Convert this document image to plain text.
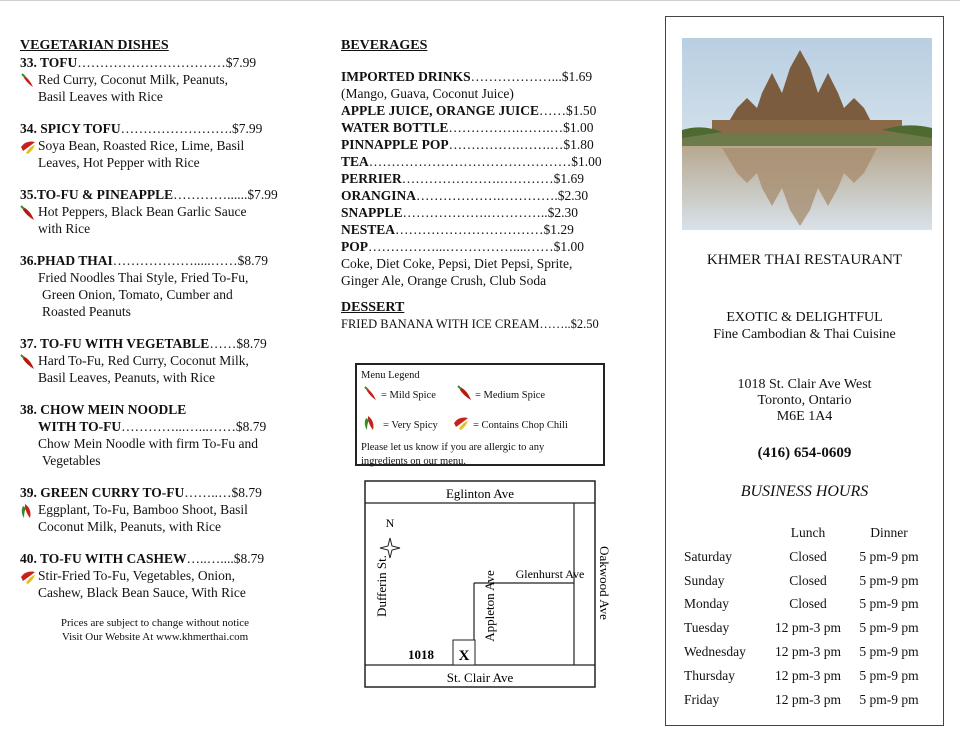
VEGETARIAN DISHES
33. TOFU……………………………$7.99
Red Curry, Coconut Milk, Peanuts,
Basil Leaves with Rice
34. SPICY TOFU…………………….$7.99
Soya Bean, Roasted Rice, Lime, Basil
Leaves, Hot Pepper with Rice
35.TO-FU & PINEAPPLE…………......$7.99
Hot Peppers, Black Bean Garlic Sauce
with Rice
36.PHAD THAI……………….....……$8.79
Fried Noodles Thai Style, Fried To-Fu,
Green Onion, Tomato, Cumber and
Roasted Peanuts
37. TO-FU WITH VEGETABLE……$8.79
Hard To-Fu, Red Curry, Coconut Milk,
Basil Leaves, Peanuts, with Rice
38. CHOW MEIN NOODLE
WITH TO-FU…………...…...……$8.79
Chow Mein Noodle with firm To-Fu and
Vegetables
39. GREEN CURRY TO-FU……..…$8.79
Eggplant, To-Fu, Bamboo Shoot, Basil
Coconut Milk, Peanuts, with Rice
40. TO-FU WITH CASHEW…..…....$8.79
Stir-Fried To-Fu, Vegetables, Onion,
Cashew, Black Bean Sauce, With Rice
Prices are subject to change without notice
Visit Our Website At www.khmerthai.com
BEVERAGES
IMPORTED DRINKS………………...$1.69
(Mango, Guava, Coconut Juice)
APPLE JUICE, ORANGE JUICE……$1.50
WATER BOTTLE…………….…….…$1.00
PINNAPPLE POP…………….…….…$1.80
TEA………………………………………$1.00
PERRIER………………….…………$1.69
ORANGINA……………….………….$2.30
SNAPPLE……………….…………..$2.30
NESTEA……………………………$1.29
POP……………...……………....……$1.00
Coke, Diet Coke, Pepsi, Diet Pepsi, Sprite,
Ginger Ale, Orange Crush, Club Soda
DESSERT
FRIED BANANA WITH ICE CREAM……..$2.50
Menu Legend
= Mild Spice	= Medium Spice
= Very Spicy	= Contains Chop Chili
Please let us know if you are allergic to any
ingredients on our menu.
X
1018
Eglinton Ave
St. Clair Ave
Dufferin St.	Oakwood Ave
Appleton Ave Glenhurst Ave
N
KHMER THAI RESTAURANT
EXOTIC & DELIGHTFUL
Fine Cambodian & Thai Cuisine
1018 St. Clair Ave West
Toronto, Ontario
M6E 1A4
(416) 654-0609
BUSINESS HOURS
	Lunch	Dinner
Saturday	Closed	5 pm-9 pm
Sunday	Closed	5 pm-9 pm
Monday	Closed	5 pm-9 pm
Tuesday	12 pm-3 pm	5 pm-9 pm
Wednesday	12 pm-3 pm	5 pm-9 pm
Thursday	12 pm-3 pm	5 pm-9 pm
Friday	12 pm-3 pm	5 pm-9 pm
